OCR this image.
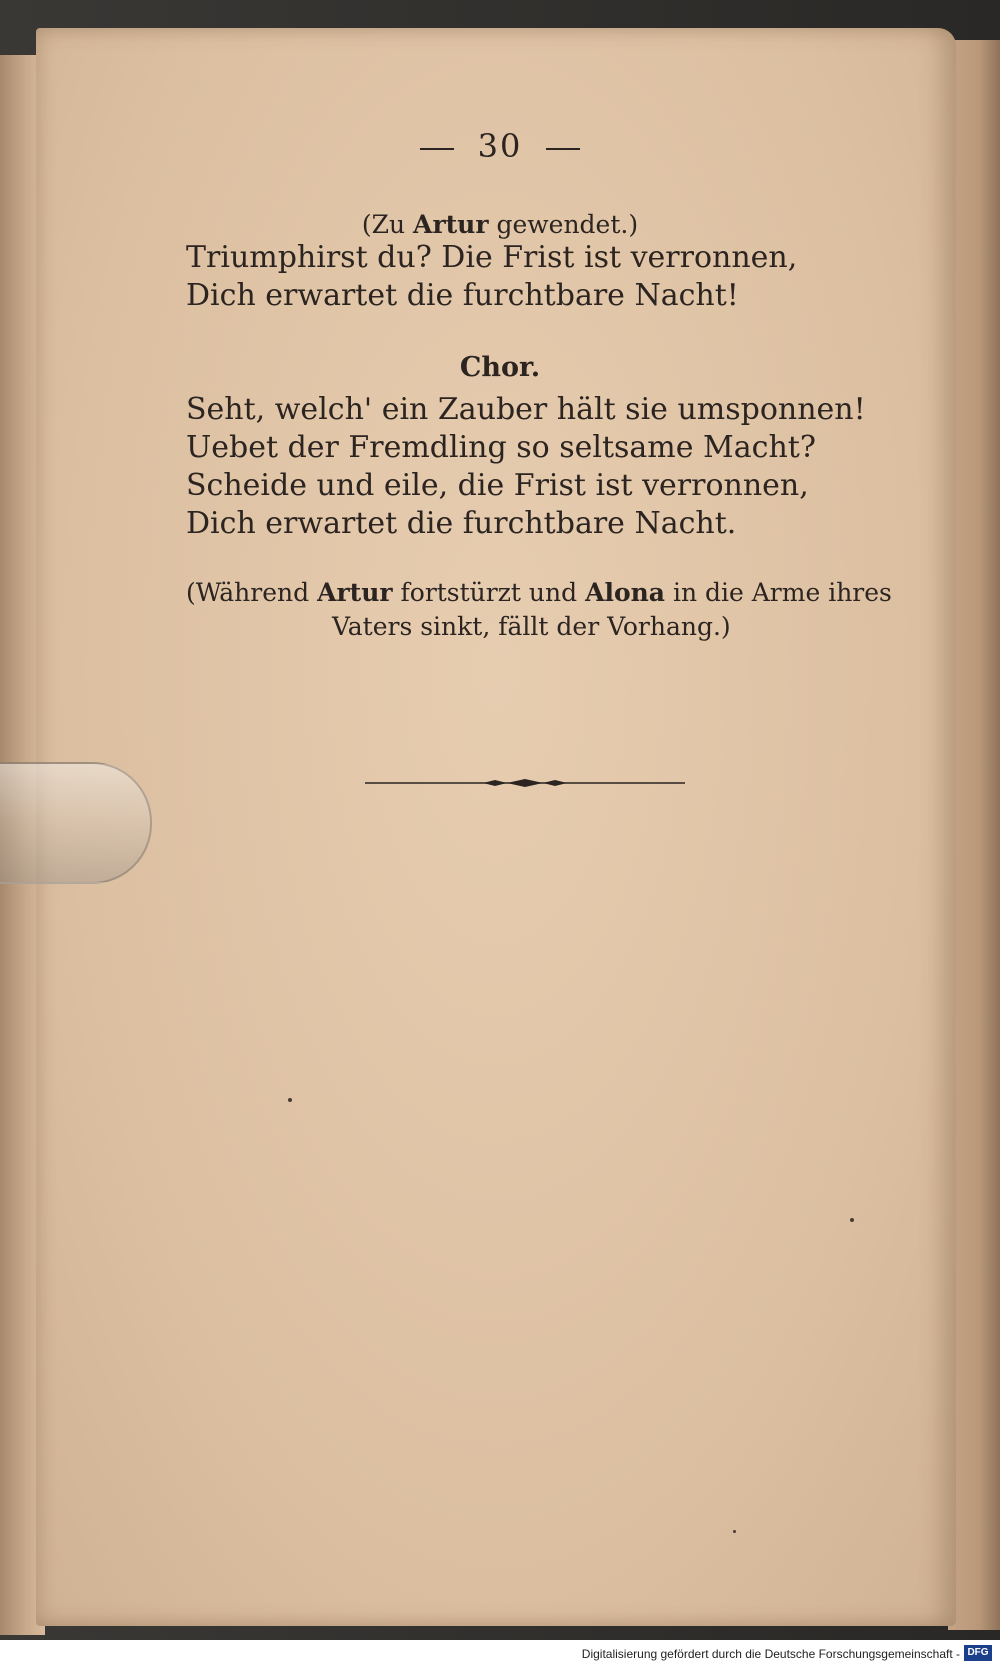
30
(Zu Artur gewendet.)
Triumphirst du? Die Frist ist verronnen,
Dich erwartet die furchtbare Nacht!
Chor.
Seht, welch' ein Zauber hält sie umsponnen!
Uebet der Fremdling so seltsame Macht?
Scheide und eile, die Frist ist verronnen,
Dich erwartet die furchtbare Nacht.
(Während Artur fortstürzt und Alona in die Arme ihres
Vaters sinkt, fällt der Vorhang.)
Digitalisierung gefördert durch die Deutsche Forschungsgemeinschaft - DFG
